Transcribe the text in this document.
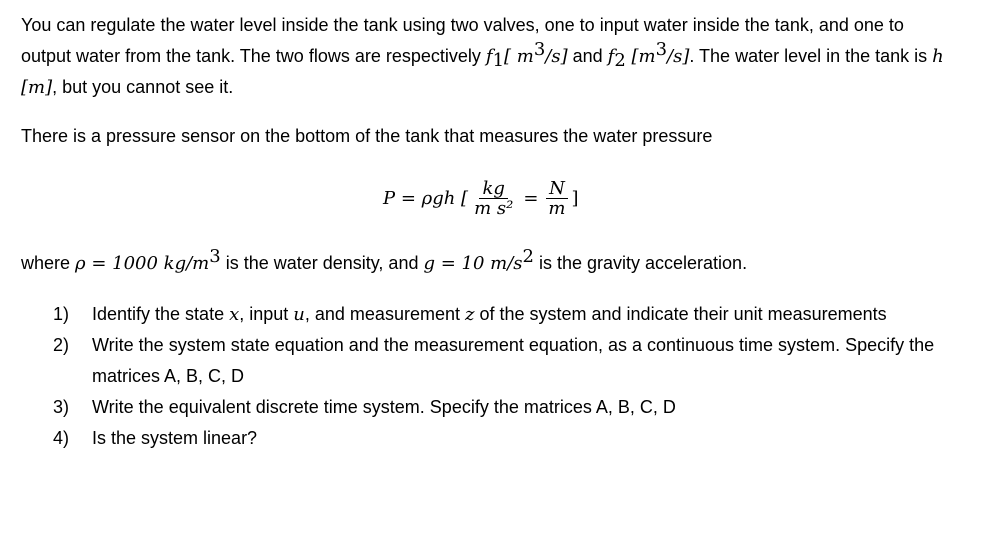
You can regulate the water level inside the tank using two valves, one to input water inside the tank, and one to output water from the tank. The two flows are respectively $f_1$[ $m^3/s$] and $f_2$ $[m^3/s]$. The water level in the tank is h [m], but you cannot see it.

There is a pressure sensor on the bottom of the tank that measures the water pressure

P = ρgh [ $\frac{kg}{\text{m s²}} = \frac{N}{m}$ ]

where ρ = 1000 $kg/m^3$ is the water density, and g = 10 $m/s^2$ is the gravity acceleration.

1) Identify the state x, input u, and measurement z of the system and indicate their unit measurements
2) Write the system state equation and the measurement equation, as a continuous time system. Specify the matrices A, B, C, D
3) Write the equivalent discrete time system. Specify the matrices A, B, C, D
4) Is the system linear?
